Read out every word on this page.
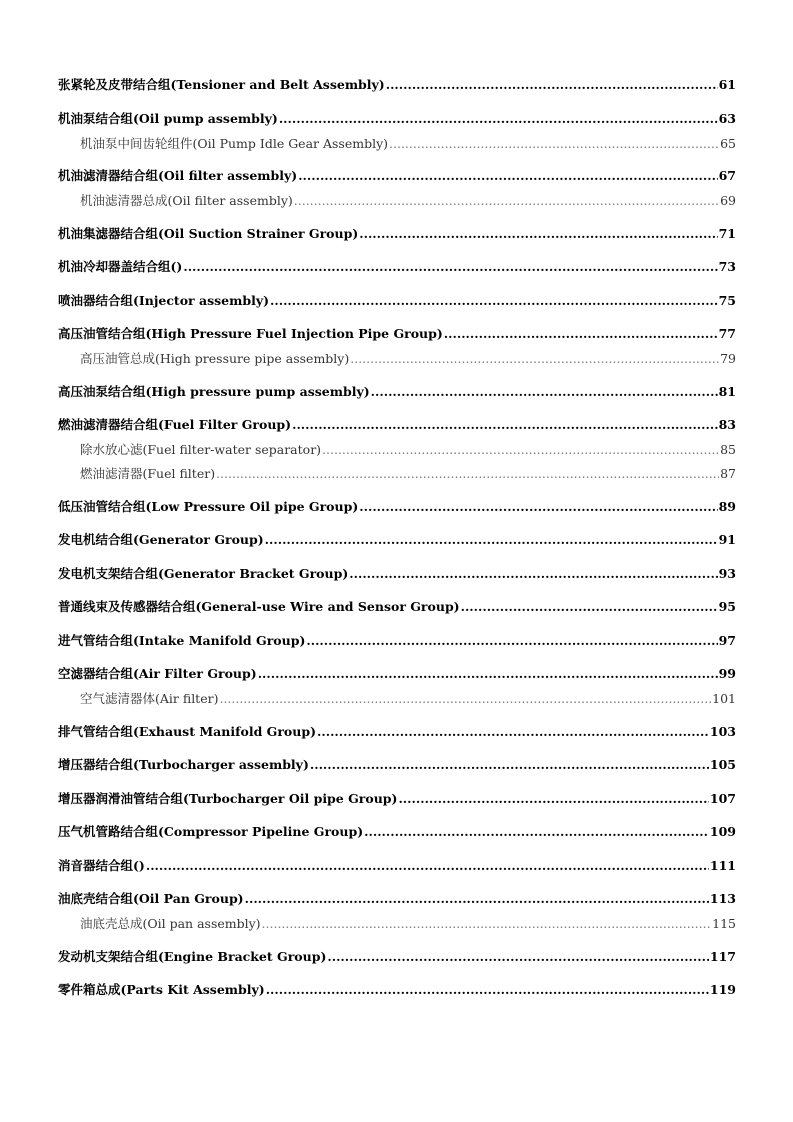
张紧轮及皮带结合组(Tensioner and Belt Assembly) .....	61
机油泵结合组(Oil pump assembly) .....	63
机油泵中间齿轮组件(Oil Pump Idle Gear Assembly) .....	65
机油滤清器结合组(Oil filter assembly) .....	67
机油滤清器总成(Oil filter assembly) .....	69
机油集滤器结合组(Oil Suction Strainer Group) .....	71
机油冷却器盖结合组() .....	73
喷油器结合组(Injector assembly) .....	75
高压油管结合组(High Pressure Fuel Injection Pipe Group) .....	77
高压油管总成(High pressure pipe assembly) .....	79
高压油泵结合组(High pressure pump assembly) .....	81
燃油滤清器结合组(Fuel Filter Group) .....	83
除水放心滤(Fuel filter-water separator) .....	85
燃油滤清器(Fuel filter) .....	87
低压油管结合组(Low Pressure Oil pipe Group) .....	89
发电机结合组(Generator Group) .....	91
发电机支架结合组(Generator Bracket Group) .....	93
普通线束及传感器结合组(General-use Wire and Sensor Group) .....	95
进气管结合组(Intake Manifold Group) .....	97
空滤器结合组(Air Filter Group) .....	99
空气滤清器体(Air filter) .....	101
排气管结合组(Exhaust Manifold Group) .....	103
增压器结合组(Turbocharger assembly) .....	105
增压器润滑油管结合组(Turbocharger Oil pipe Group) .....	107
压气机管路结合组(Compressor Pipeline Group) .....	109
消音器结合组() .....	111
油底壳结合组(Oil Pan Group) .....	113
油底壳总成(Oil pan assembly) .....	115
发动机支架结合组(Engine Bracket Group) .....	117
零件箱总成(Parts Kit Assembly) .....	119
